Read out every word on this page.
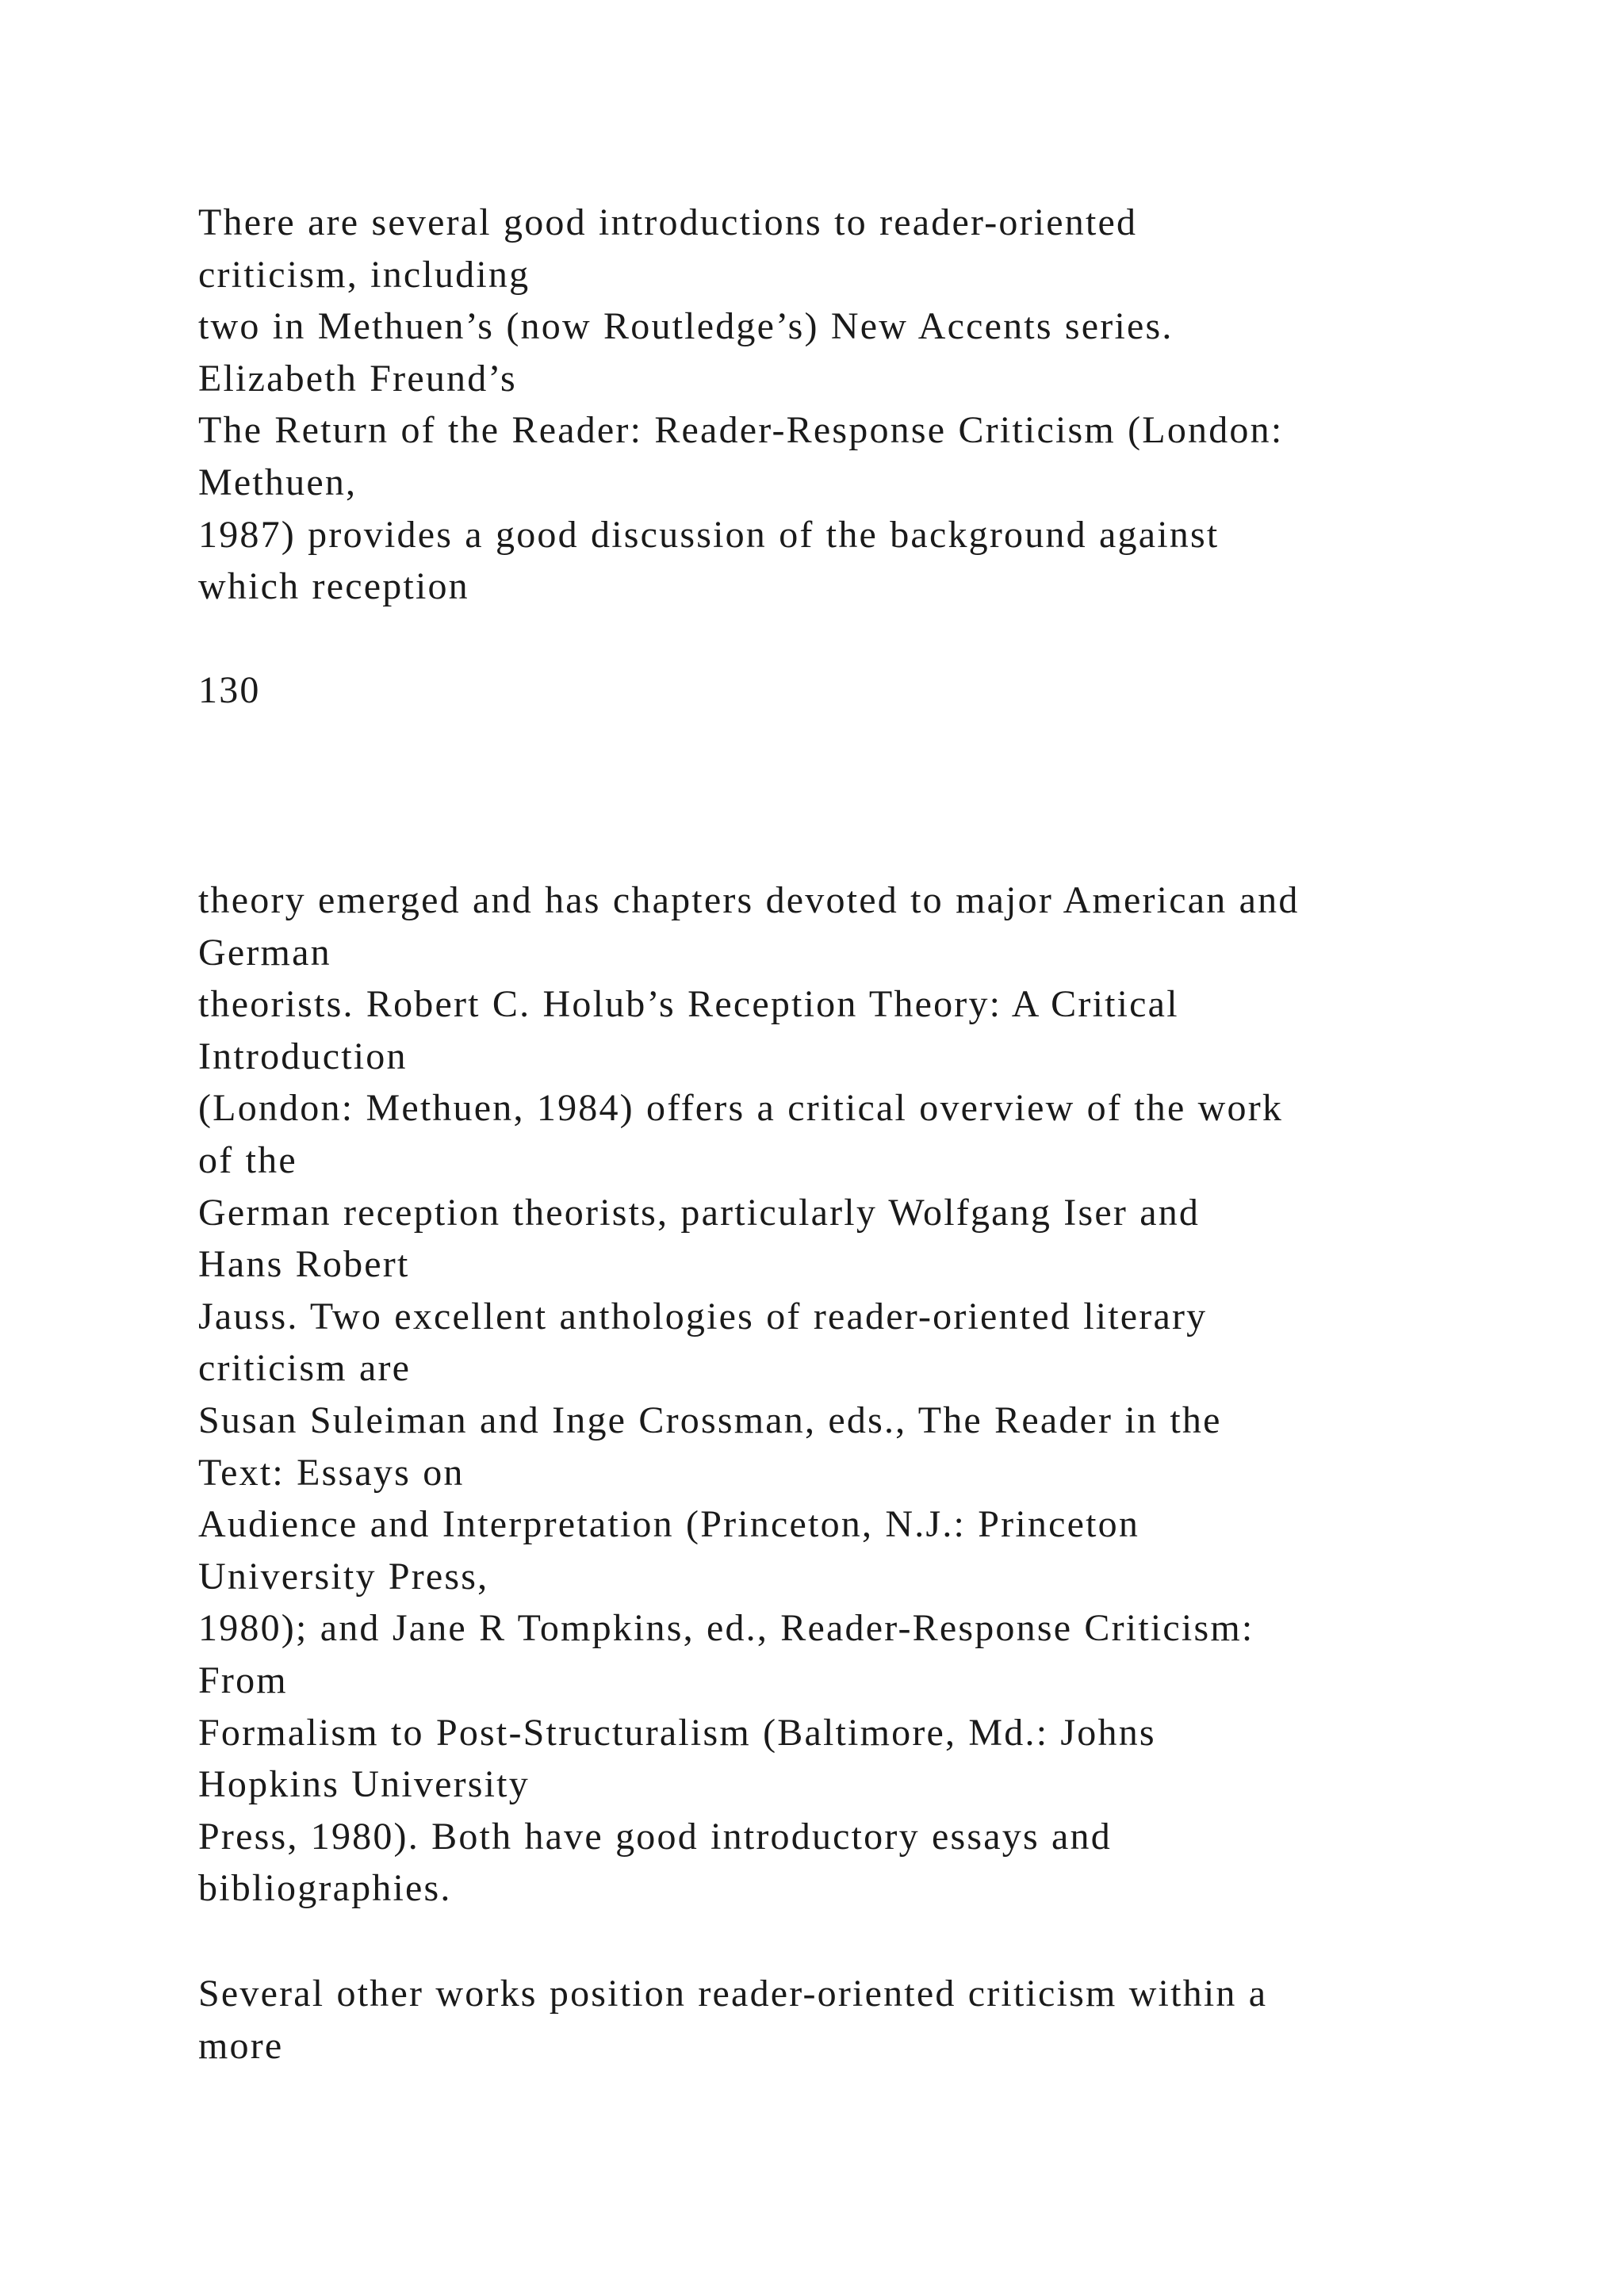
There are several good introductions to reader-oriented
criticism, including
two in Methuen’s (now Routledge’s) New Accents series.
Elizabeth Freund’s
The Return of the Reader: Reader-Response Criticism (London:
Methuen,
1987) provides a good discussion of the background against
which reception
130
theory emerged and has chapters devoted to major American and
German
theorists. Robert C. Holub’s Reception Theory: A Critical
Introduction
(London: Methuen, 1984) offers a critical overview of the work
of the
German reception theorists, particularly Wolfgang Iser and
Hans Robert
Jauss. Two excellent anthologies of reader-oriented literary
criticism are
Susan Suleiman and Inge Crossman, eds., The Reader in the
Text: Essays on
Audience and Interpretation (Princeton, N.J.: Princeton
University Press,
1980); and Jane R Tompkins, ed., Reader-Response Criticism:
From
Formalism to Post-Structuralism (Baltimore, Md.: Johns
Hopkins University
Press, 1980). Both have good introductory essays and
bibliographies.
Several other works position reader-oriented criticism within a
more
